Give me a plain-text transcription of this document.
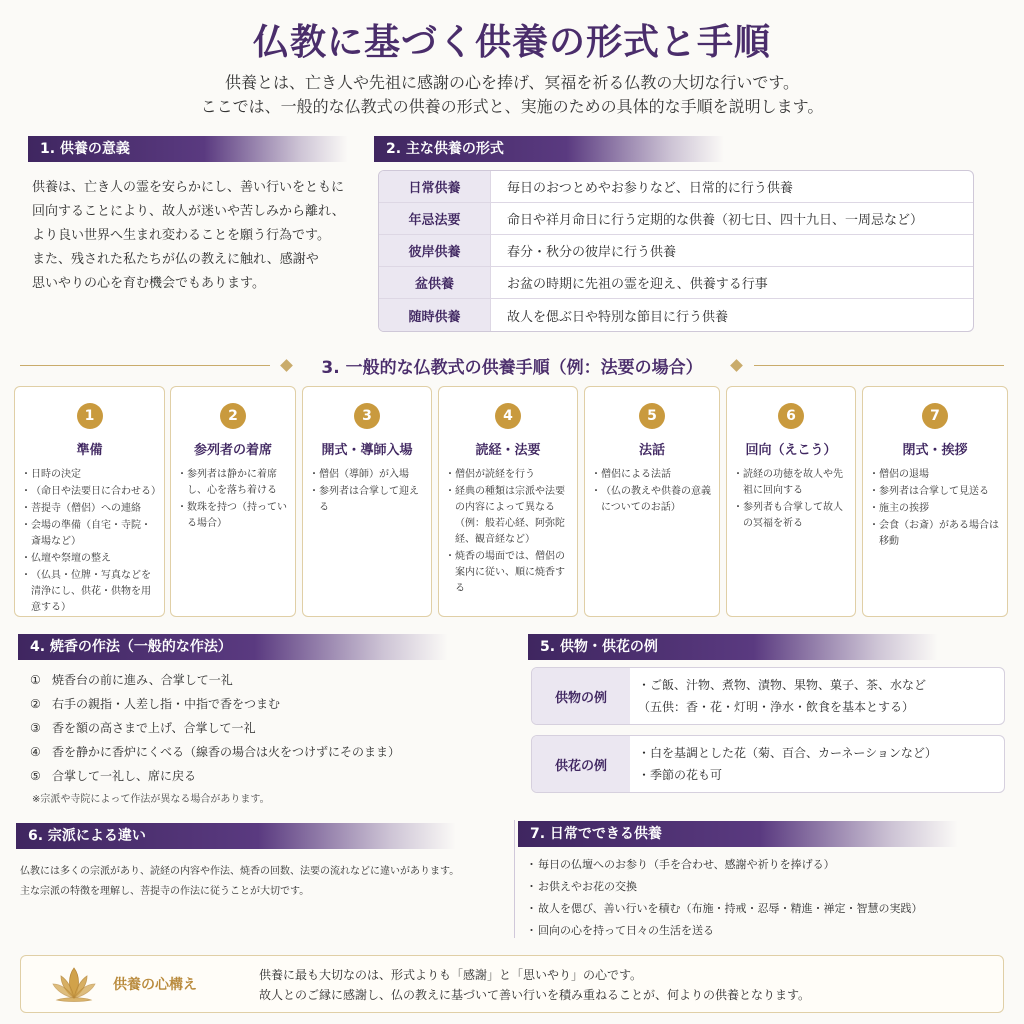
仏教に基づく供養の形式と手順
供養とは、亡き人や先祖に感謝の心を捧げ、冥福を祈る仏教の大切な行いです。
ここでは、一般的な仏教式の供養の形式と、実施のための具体的な手順を説明します。
1. 供養の意義
供養は、亡き人の霊を安らかにし、善い行いをともに
回向することにより、故人が迷いや苦しみから離れ、
より良い世界へ生まれ変わることを願う行為です。
また、残された私たちが仏の教えに触れ、感謝や
思いやりの心を育む機会でもあります。
2. 主な供養の形式
日常供養	毎日のおつとめやお参りなど、日常的に行う供養
年忌法要	命日や祥月命日に行う定期的な供養（初七日、四十九日、一周忌など）
彼岸供養	春分・秋分の彼岸に行う供養
盆供養	お盆の時期に先祖の霊を迎え、供養する行事
随時供養	故人を偲ぶ日や特別な節目に行う供養
3. 一般的な仏教式の供養手順（例：法要の場合）
1
準備
・ 日時の決定
・ （命日や法要日に合わせる）
・ 菩提寺（僧侶）への連絡
・ 会場の準備（自宅・寺院・斎場など）
・ 仏壇や祭壇の整え
・ （仏具・位牌・写真などを清浄にし、供花・供物を用意する）
2
参列者の着席
・ 参列者は静かに着席し、心を落ち着ける
・ 数珠を持つ（持っている場合）
3
開式・導師入場
・ 僧侶（導師）が入場
・ 参列者は合掌して迎える
4
読経・法要
・ 僧侶が読経を行う
・ 経典の種類は宗派や法要の内容によって異なる（例：般若心経、阿弥陀経、観音経など）
・ 焼香の場面では、僧侶の案内に従い、順に焼香する
5
法話
・ 僧侶による法話
・ （仏の教えや供養の意義についてのお話）
6
回向（えこう）
・ 読経の功徳を故人や先祖に回向する
・ 参列者も合掌して故人の冥福を祈る
7
閉式・挨拶
・ 僧侶の退場
・ 参列者は合掌して見送る
・ 施主の挨拶
・ 会食（お斎）がある場合は移動
4. 焼香の作法（一般的な作法）
① 焼香台の前に進み、合掌して一礼
② 右手の親指・人差し指・中指で香をつまむ
③ 香を額の高さまで上げ、合掌して一礼
④ 香を静かに香炉にくべる（線香の場合は火をつけずにそのまま）
⑤ 合掌して一礼し、席に戻る
※宗派や寺院によって作法が異なる場合があります。
5. 供物・供花の例
供物の例
・ご飯、汁物、煮物、漬物、果物、菓子、茶、水など
（五供：香・花・灯明・浄水・飲食を基本とする）
供花の例
・白を基調とした花（菊、百合、カーネーションなど）
・季節の花も可
6. 宗派による違い
仏教には多くの宗派があり、読経の内容や作法、焼香の回数、法要の流れなどに違いがあります。
主な宗派の特徴を理解し、菩提寺の作法に従うことが大切です。
7. 日常でできる供養
・ 毎日の仏壇へのお参り（手を合わせ、感謝や祈りを捧げる）
・ お供えやお花の交換
・ 故人を偲び、善い行いを積む（布施・持戒・忍辱・精進・禅定・智慧の実践）
・ 回向の心を持って日々の生活を送る
供養の心構え
供養に最も大切なのは、形式よりも「感謝」と「思いやり」の心です。
故人とのご縁に感謝し、仏の教えに基づいて善い行いを積み重ねることが、何よりの供養となります。
